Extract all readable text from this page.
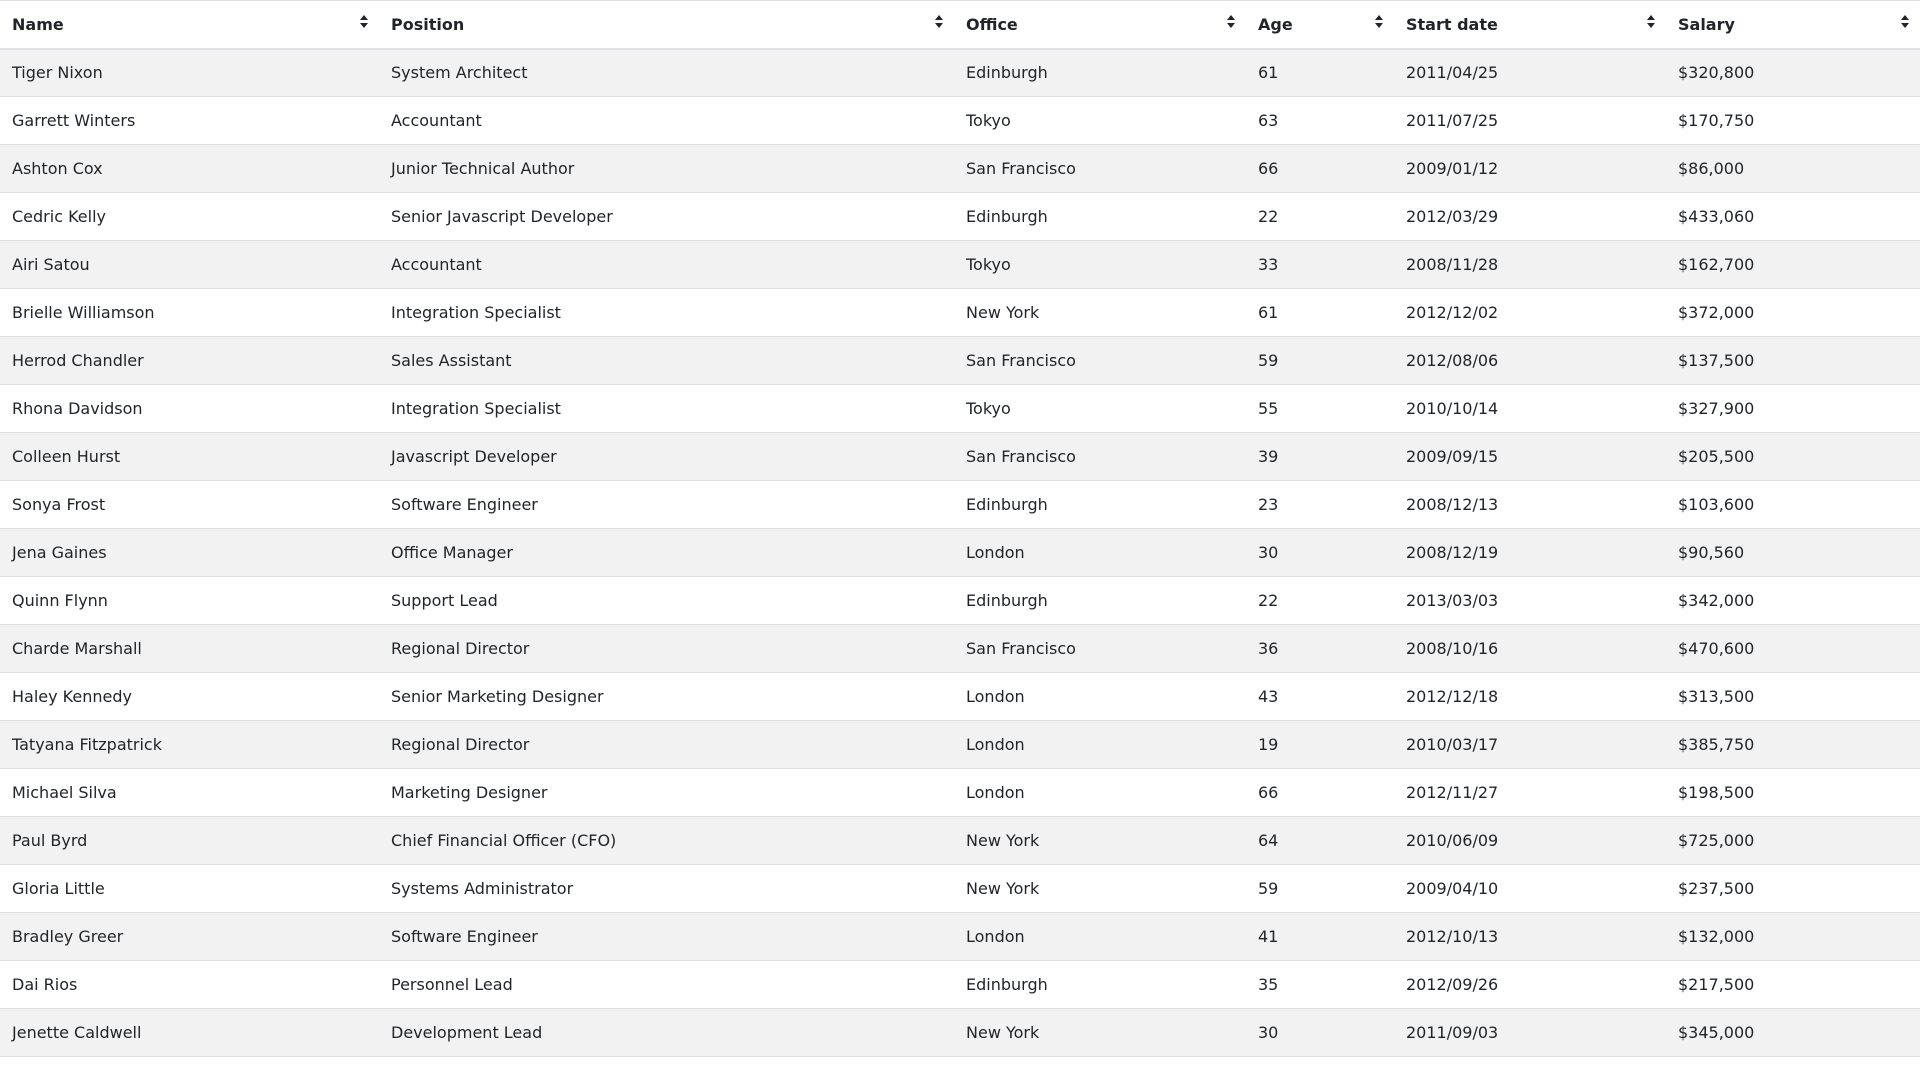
Name	Position	Office	Age	Start date	Salary

Tiger Nixon	System Architect	Edinburgh	61	2011/04/25	$320,800
Garrett Winters	Accountant	Tokyo	63	2011/07/25	$170,750
Ashton Cox	Junior Technical Author	San Francisco	66	2009/01/12	$86,000
Cedric Kelly	Senior Javascript Developer	Edinburgh	22	2012/03/29	$433,060
Airi Satou	Accountant	Tokyo	33	2008/11/28	$162,700
Brielle Williamson	Integration Specialist	New York	61	2012/12/02	$372,000
Herrod Chandler	Sales Assistant	San Francisco	59	2012/08/06	$137,500
Rhona Davidson	Integration Specialist	Tokyo	55	2010/10/14	$327,900
Colleen Hurst	Javascript Developer	San Francisco	39	2009/09/15	$205,500
Sonya Frost	Software Engineer	Edinburgh	23	2008/12/13	$103,600
Jena Gaines	Office Manager	London	30	2008/12/19	$90,560
Quinn Flynn	Support Lead	Edinburgh	22	2013/03/03	$342,000
Charde Marshall	Regional Director	San Francisco	36	2008/10/16	$470,600
Haley Kennedy	Senior Marketing Designer	London	43	2012/12/18	$313,500
Tatyana Fitzpatrick	Regional Director	London	19	2010/03/17	$385,750
Michael Silva	Marketing Designer	London	66	2012/11/27	$198,500
Paul Byrd	Chief Financial Officer (CFO)	New York	64	2010/06/09	$725,000
Gloria Little	Systems Administrator	New York	59	2009/04/10	$237,500
Bradley Greer	Software Engineer	London	41	2012/10/13	$132,000
Dai Rios	Personnel Lead	Edinburgh	35	2012/09/26	$217,500
Jenette Caldwell	Development Lead	New York	30	2011/09/03	$345,000
